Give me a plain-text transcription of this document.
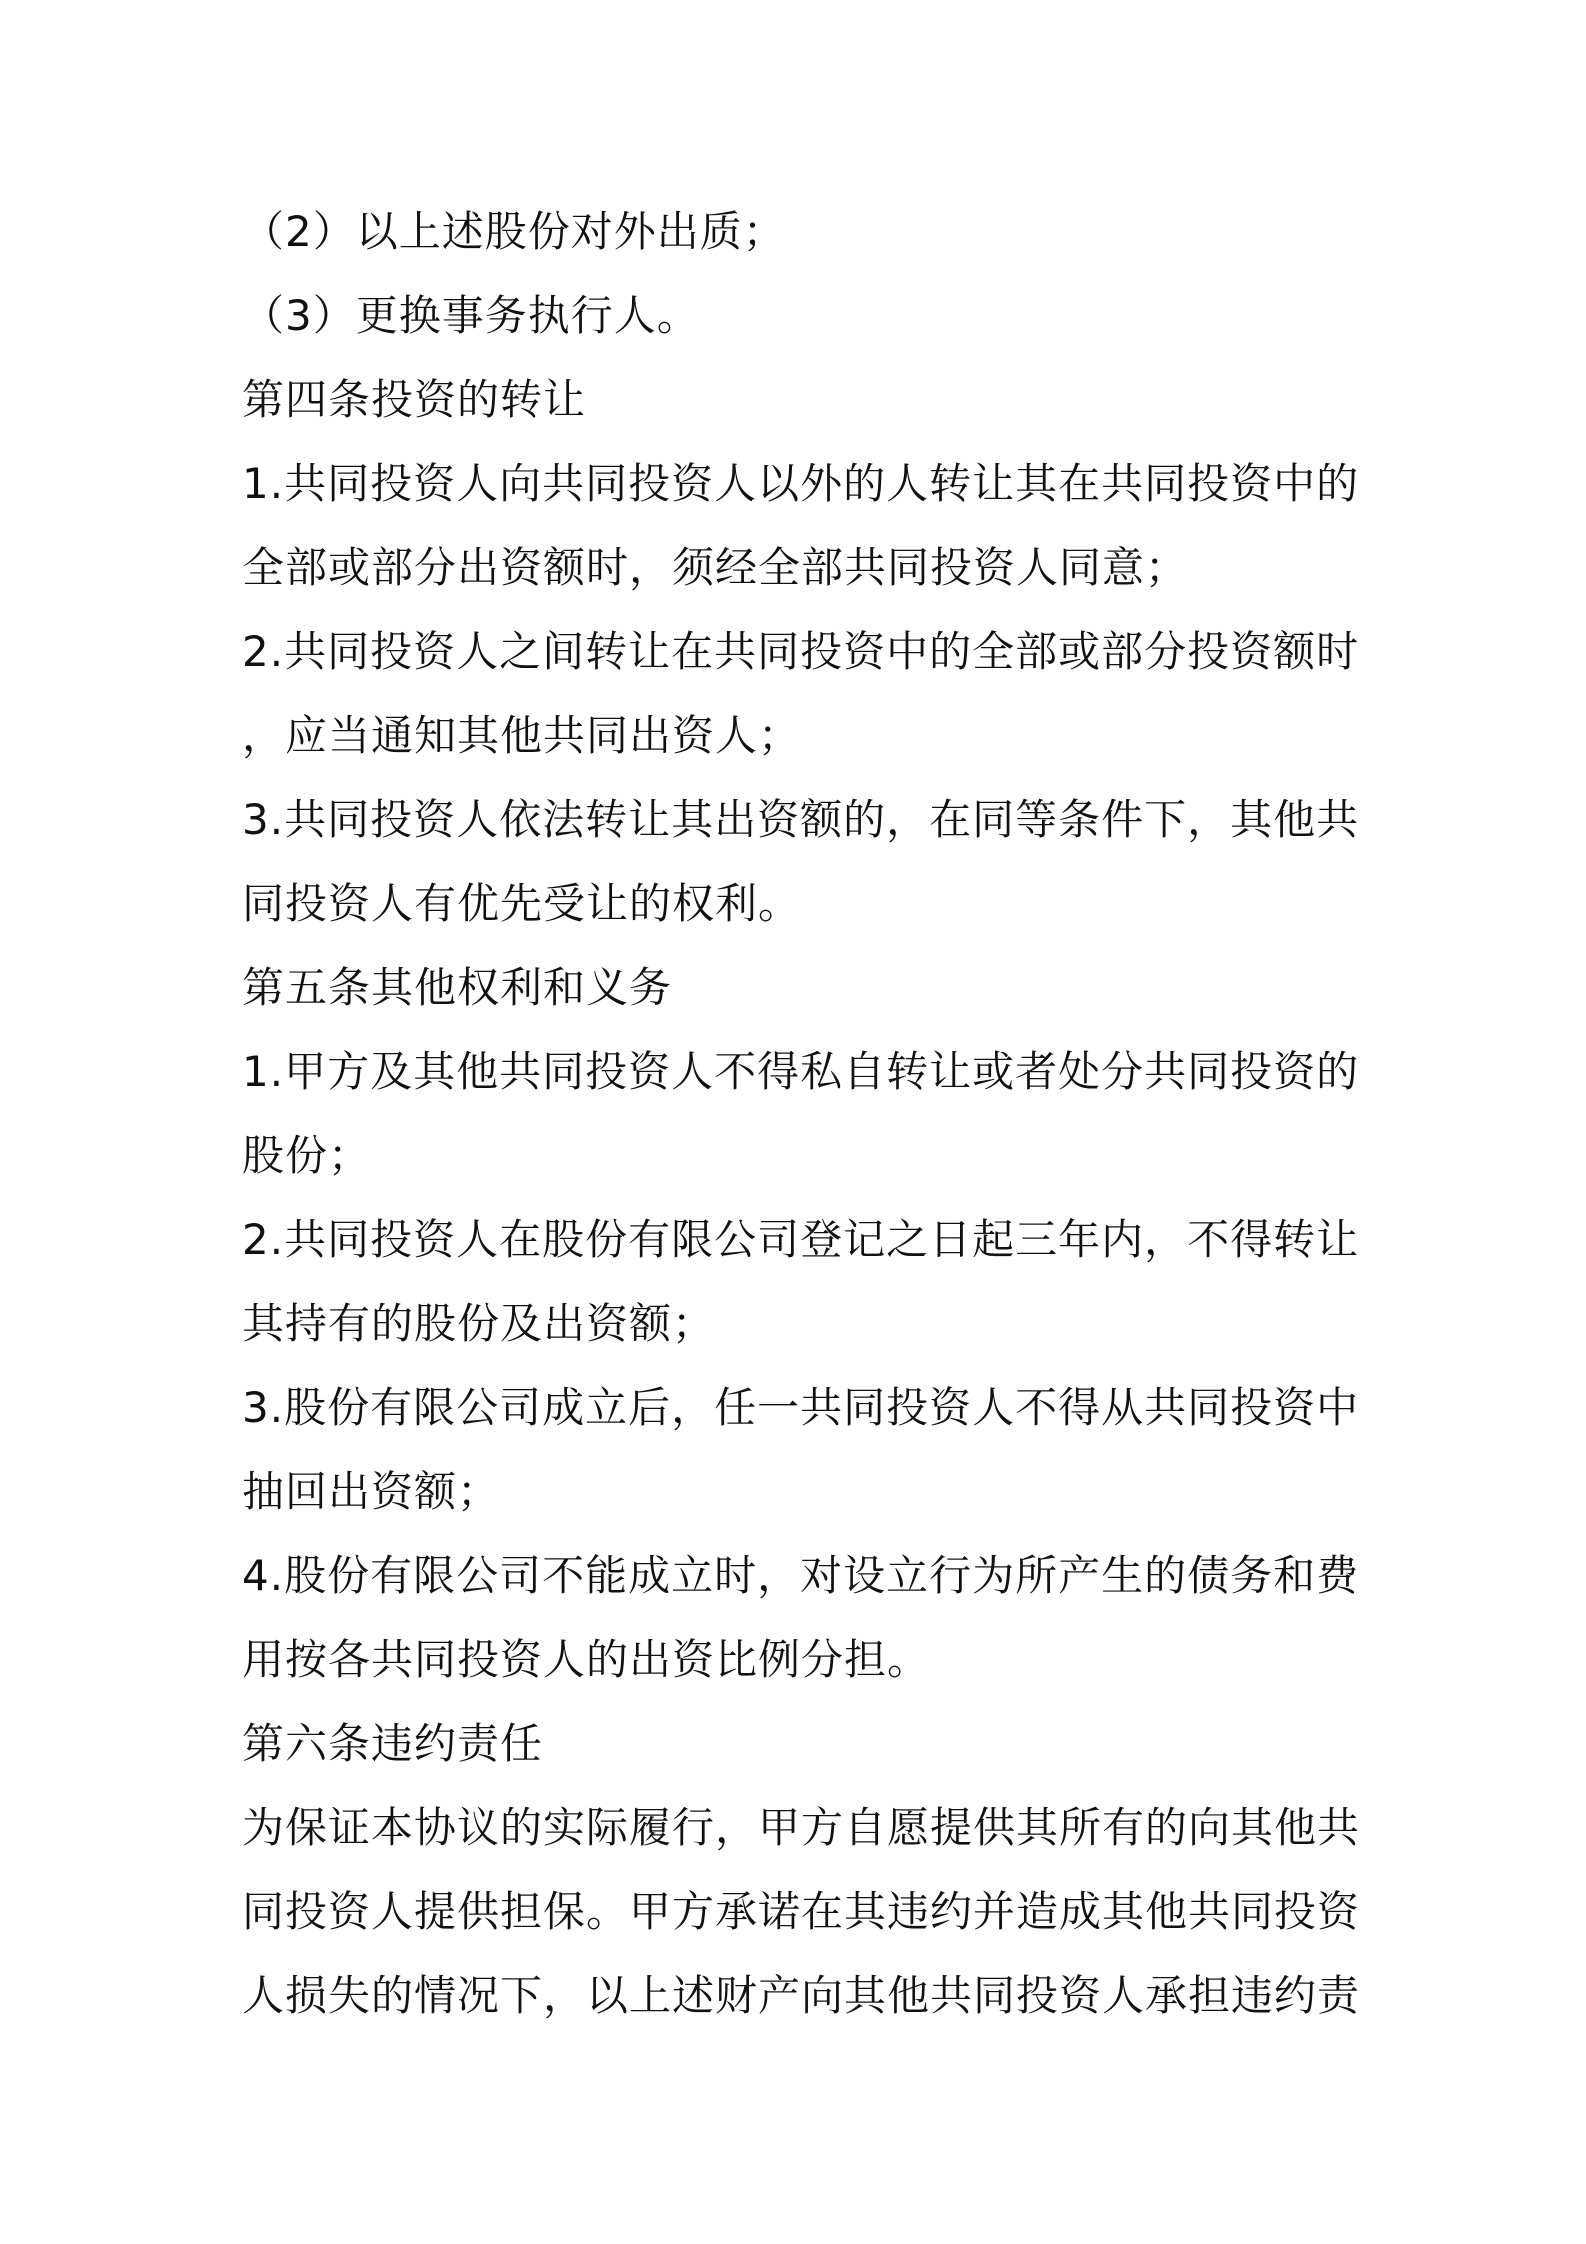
（2）以上述股份对外出质；
（3）更换事务执行人。
第四条投资的转让
1.共同投资人向共同投资人以外的人转让其在共同投资中的
全部或部分出资额时，须经全部共同投资人同意；
2.共同投资人之间转让在共同投资中的全部或部分投资额时
，应当通知其他共同出资人；
3.共同投资人依法转让其出资额的，在同等条件下，其他共
同投资人有优先受让的权利。
第五条其他权利和义务
1.甲方及其他共同投资人不得私自转让或者处分共同投资的
股份；
2.共同投资人在股份有限公司登记之日起三年内，不得转让
其持有的股份及出资额；
3.股份有限公司成立后，任一共同投资人不得从共同投资中
抽回出资额；
4.股份有限公司不能成立时，对设立行为所产生的债务和费
用按各共同投资人的出资比例分担。
第六条违约责任
为保证本协议的实际履行，甲方自愿提供其所有的向其他共
同投资人提供担保。甲方承诺在其违约并造成其他共同投资
人损失的情况下，以上述财产向其他共同投资人承担违约责
